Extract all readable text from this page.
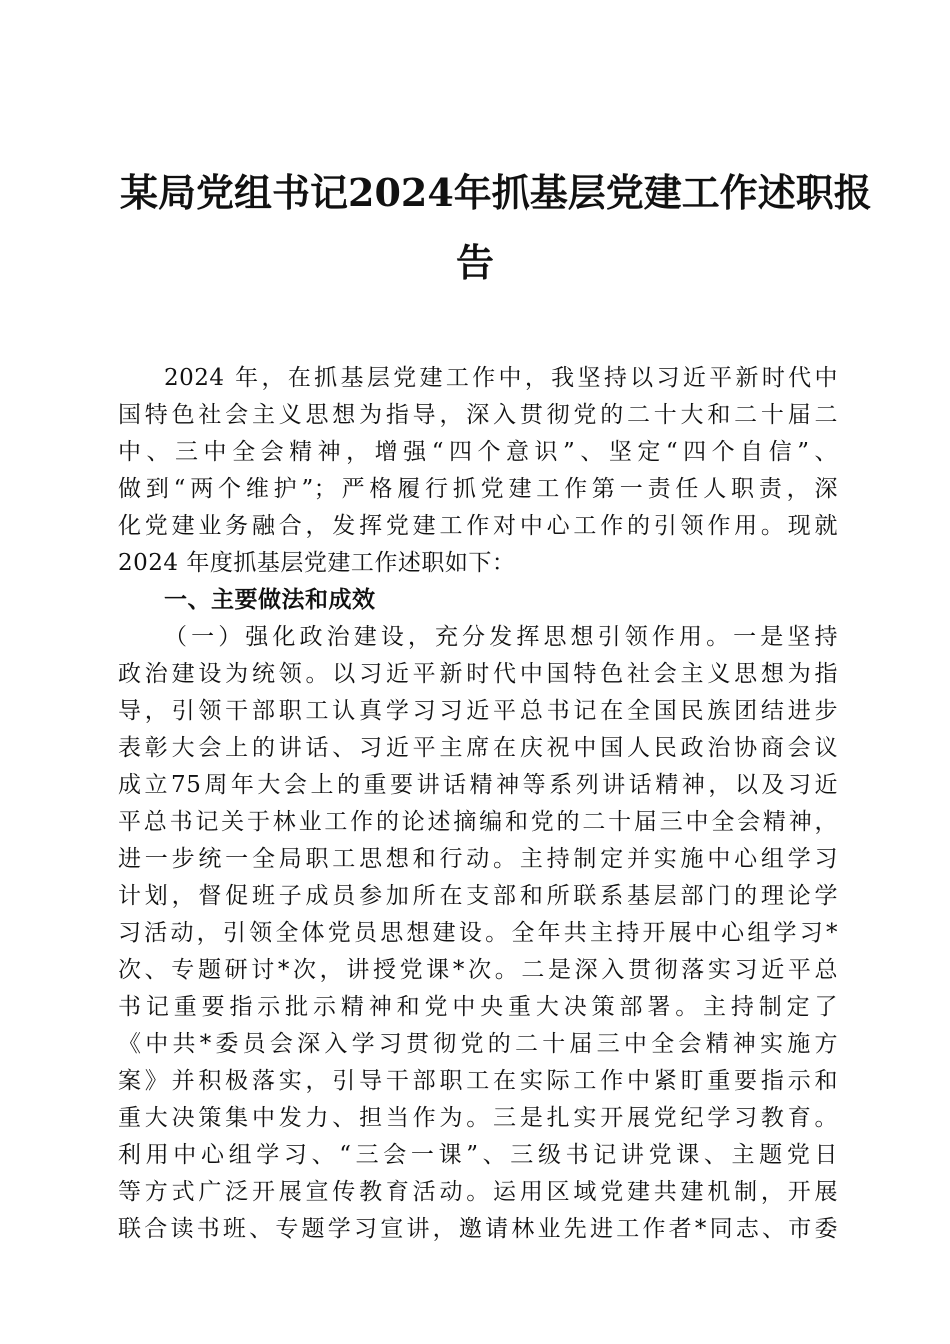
某局党组书记2024年抓基层党建工作述职报
告
2024 年，在抓基层党建工作中，我坚持以习近平新时代中
国特色社会主义思想为指导，深入贯彻党的二十大和二十届二
中、三中全会精神，增强“四个意识”、坚定“四个自信”、
做到“两个维护”；严格履行抓党建工作第一责任人职责，深
化党建业务融合，发挥党建工作对中心工作的引领作用。现就
2024 年度抓基层党建工作述职如下：
一、主要做法和成效
（一）强化政治建设，充分发挥思想引领作用。一是坚持
政治建设为统领。以习近平新时代中国特色社会主义思想为指
导，引领干部职工认真学习习近平总书记在全国民族团结进步
表彰大会上的讲话、习近平主席在庆祝中国人民政治协商会议
成立75周年大会上的重要讲话精神等系列讲话精神，以及习近
平总书记关于林业工作的论述摘编和党的二十届三中全会精神，
进一步统一全局职工思想和行动。主持制定并实施中心组学习
计划，督促班子成员参加所在支部和所联系基层部门的理论学
习活动，引领全体党员思想建设。全年共主持开展中心组学习*
次、专题研讨*次，讲授党课*次。二是深入贯彻落实习近平总
书记重要指示批示精神和党中央重大决策部署。主持制定了
《中共*委员会深入学习贯彻党的二十届三中全会精神实施方
案》并积极落实，引导干部职工在实际工作中紧盯重要指示和
重大决策集中发力、担当作为。三是扎实开展党纪学习教育。
利用中心组学习、“三会一课”、三级书记讲党课、主题党日
等方式广泛开展宣传教育活动。运用区域党建共建机制，开展
联合读书班、专题学习宣讲，邀请林业先进工作者*同志、市委
